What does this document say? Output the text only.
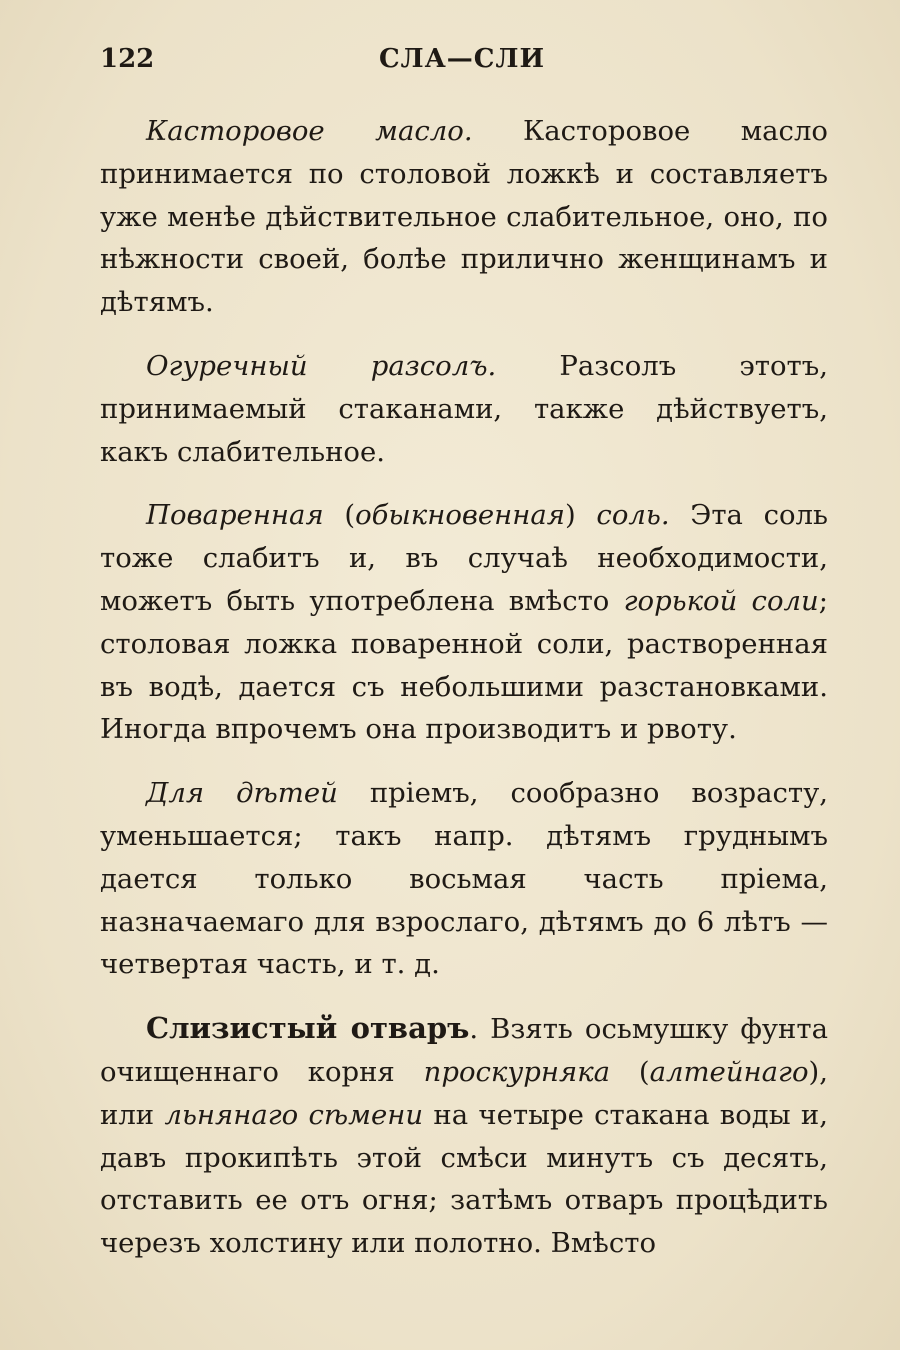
122	СЛА—СЛИ

Касторовое масло. Касторовое масло принимается по столовой ложкѣ и составляетъ уже менѣе дѣйствительное слабительное, оно, по нѣжности своей, болѣе прилично женщинамъ и дѣтямъ.

Огуречный разсолъ. Разсолъ этотъ, принимаемый стаканами, также дѣйствуетъ, какъ слабительное.

Поваренная (обыкновенная) соль. Эта соль тоже слабитъ и, въ случаѣ необходимости, можетъ быть употреблена вмѣсто горькой соли; столовая ложка поваренной соли, растворенная въ водѣ, дается съ небольшими разстановками. Иногда впрочемъ она производитъ и рвоту.

Для дѣтей пріемъ, сообразно возрасту, уменьшается; такъ напр. дѣтямъ груднымъ дается только восьмая часть пріема, назначаемаго для взрослаго, дѣтямъ до 6 лѣтъ — четвертая часть, и т. д.

Слизистый отваръ. Взять осьмушку фунта очищеннаго корня проскурняка (алтейнаго), или льнянаго сѣмени на четыре стакана воды и, давъ прокипѣть этой смѣси минутъ съ десять, отставить ее отъ огня; затѣмъ отваръ процѣдить черезъ холстину или полотно. Вмѣсто
